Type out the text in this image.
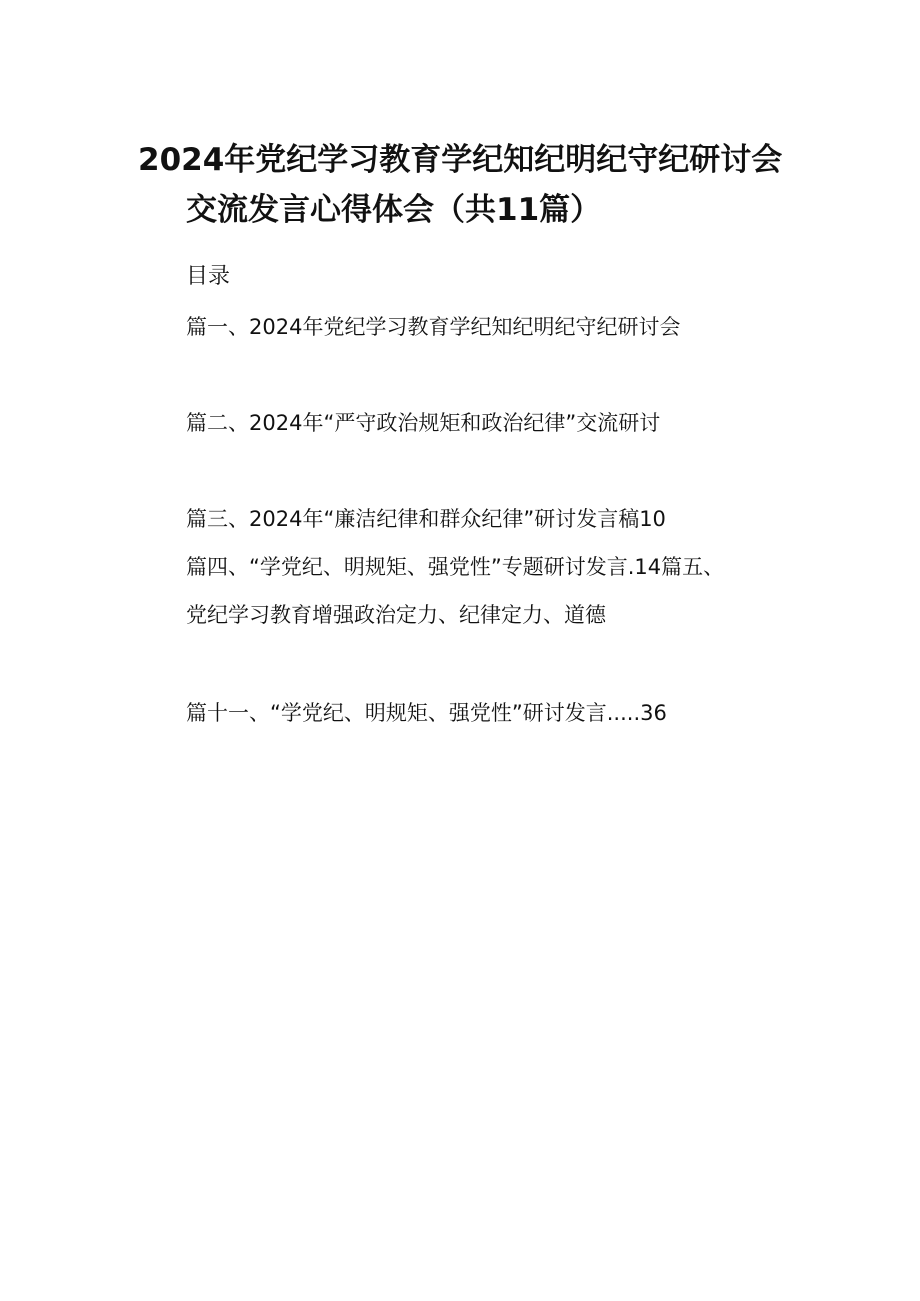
2024年党纪学习教育学纪知纪明纪守纪研讨会
交流发言心得体会（共11篇）
目录
篇一、2024年党纪学习教育学纪知纪明纪守纪研讨会
篇二、2024年“严守政治规矩和政治纪律”交流研讨
篇三、2024年“廉洁纪律和群众纪律”研讨发言稿10
篇四、“学党纪、明规矩、强党性”专题研讨发言.14篇五、
党纪学习教育增强政治定力、纪律定力、道德
篇十一、“学党纪、明规矩、强党性”研讨发言.....36
